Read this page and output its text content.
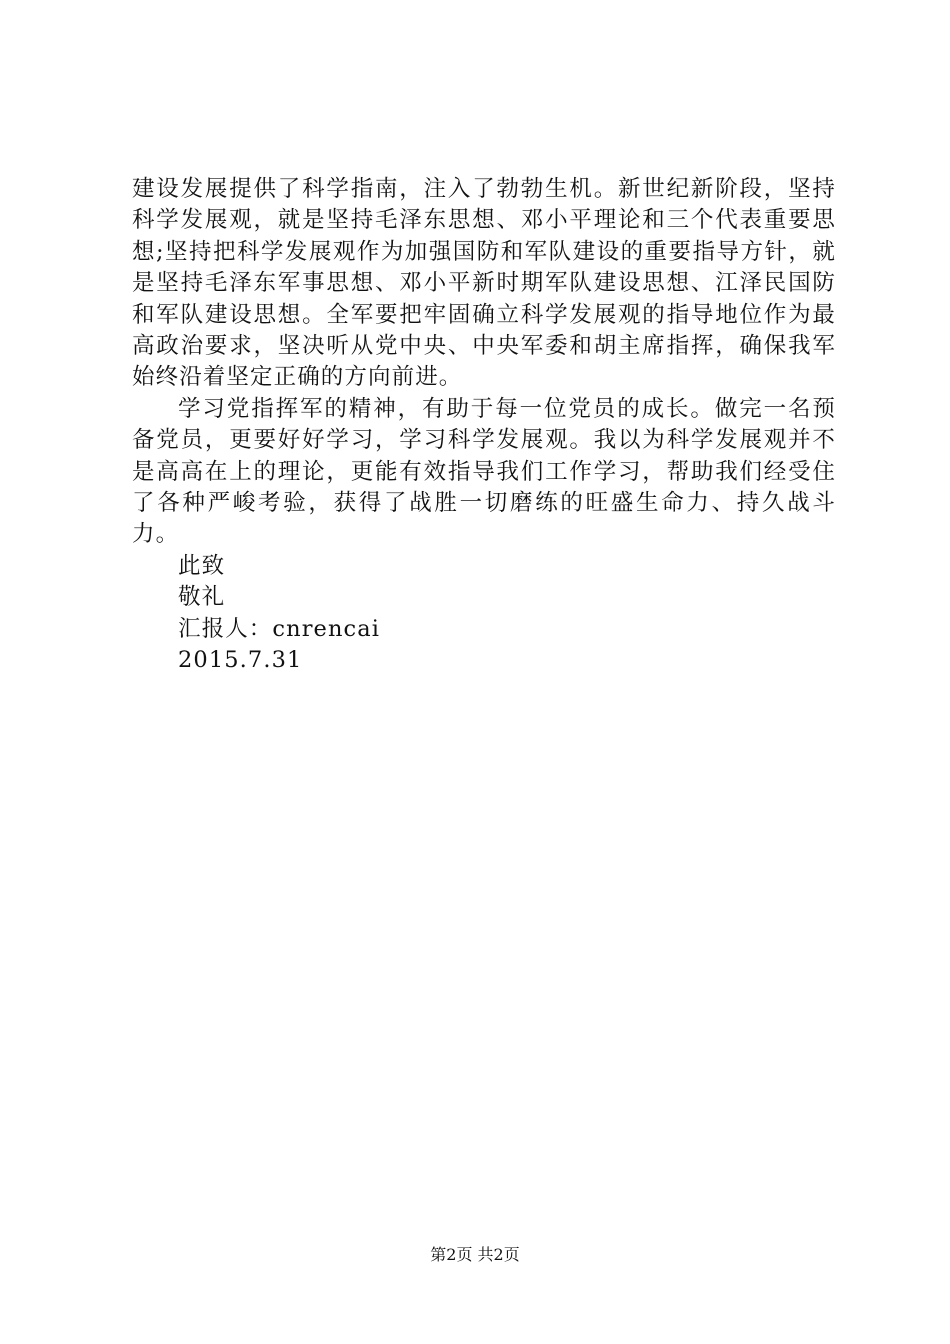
建设发展提供了科学指南，注入了勃勃生机。新世纪新阶段，坚持科学发展观，就是坚持毛泽东思想、邓小平理论和三个代表重要思想;坚持把科学发展观作为加强国防和军队建设的重要指导方针，就是坚持毛泽东军事思想、邓小平新时期军队建设思想、江泽民国防和军队建设思想。全军要把牢固确立科学发展观的指导地位作为最高政治要求，坚决听从党中央、中央军委和胡主席指挥，确保我军始终沿着坚定正确的方向前进。

学习党指挥军的精神，有助于每一位党员的成长。做完一名预备党员，更要好好学习，学习科学发展观。我以为科学发展观并不是高高在上的理论，更能有效指导我们工作学习，帮助我们经受住了各种严峻考验，获得了战胜一切磨练的旺盛生命力、持久战斗力。

此致

敬礼

汇报人：cnrencai

2015.7.31

第2页 共2页
